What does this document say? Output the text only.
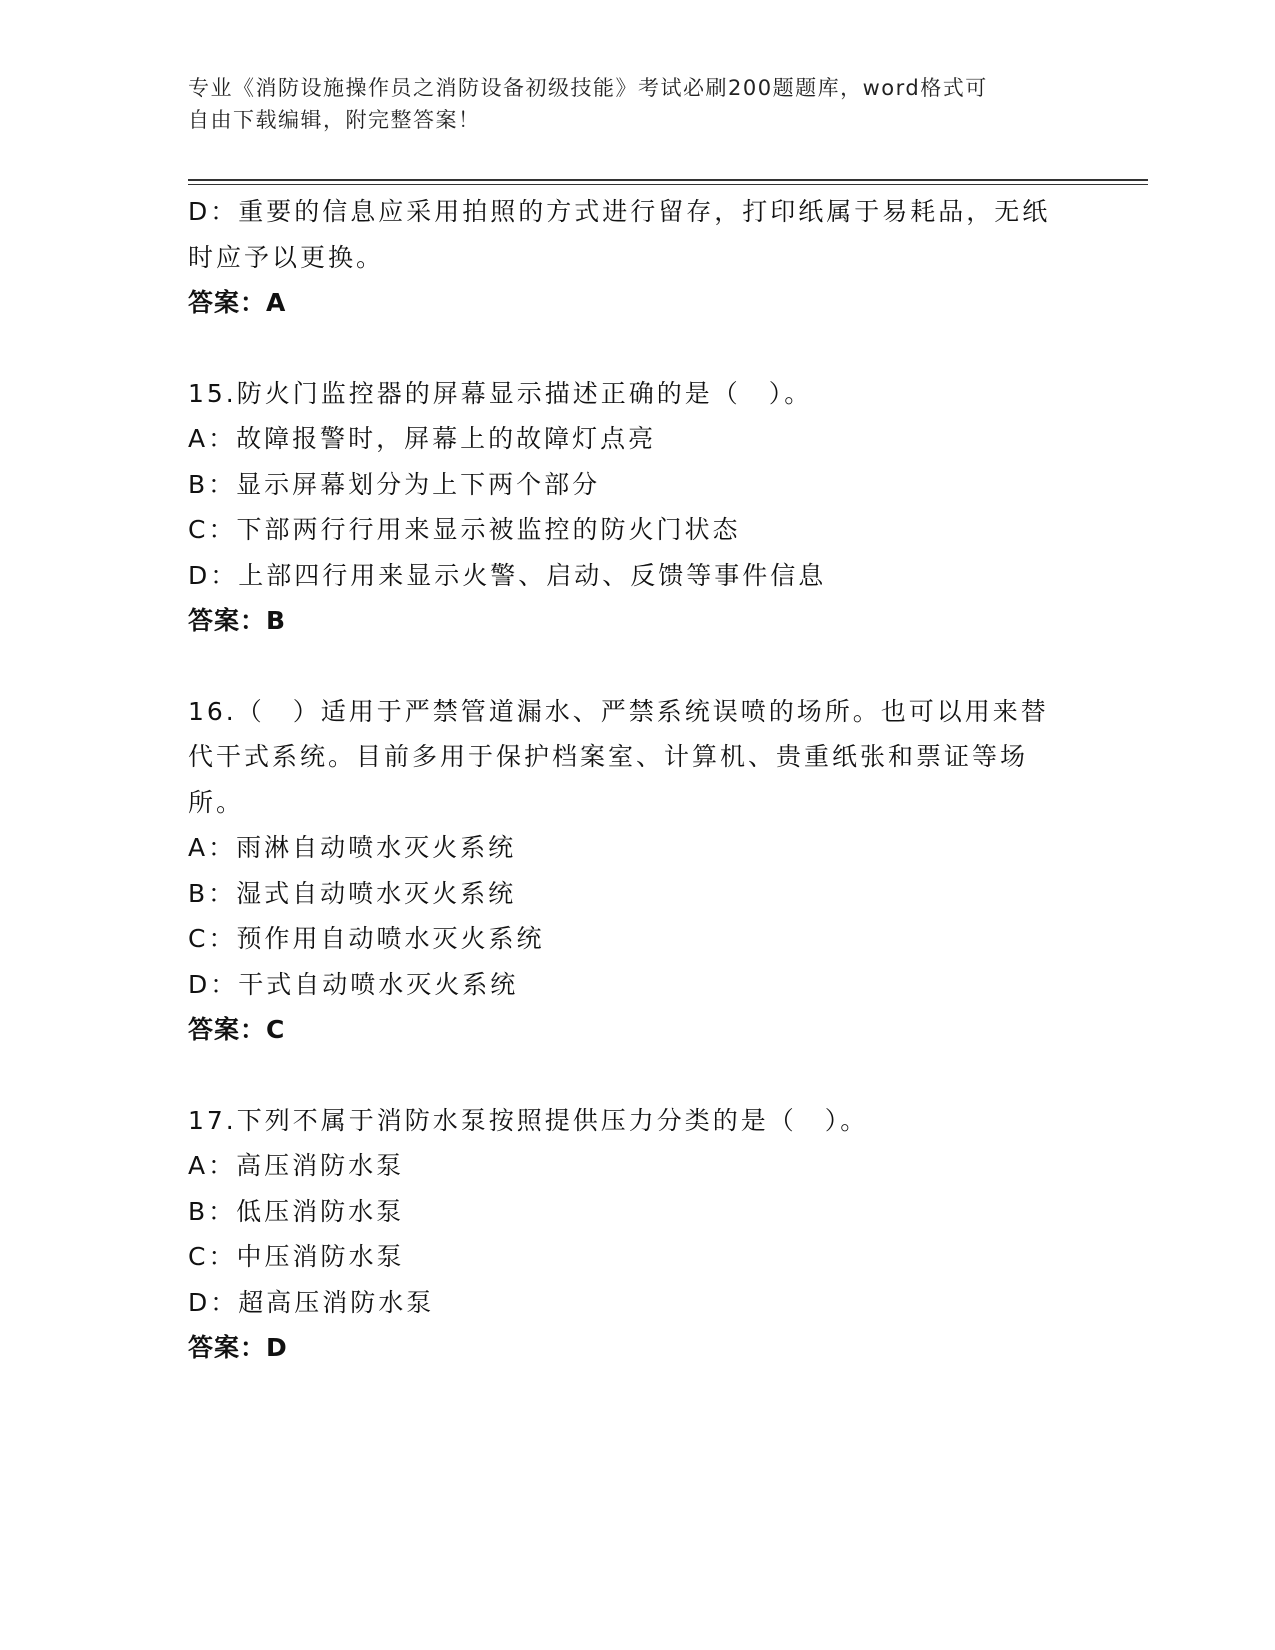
专业《消防设施操作员之消防设备初级技能》考试必刷200题题库，word格式可
自由下载编辑，附完整答案！
D：重要的信息应采用拍照的方式进行留存，打印纸属于易耗品，无纸
时应予以更换。
答案：A
15.防火门监控器的屏幕显示描述正确的是（　）。
A：故障报警时，屏幕上的故障灯点亮
B：显示屏幕划分为上下两个部分
C：下部两行行用来显示被监控的防火门状态
D：上部四行用来显示火警、启动、反馈等事件信息
答案：B
16.（　）适用于严禁管道漏水、严禁系统误喷的场所。也可以用来替
代干式系统。目前多用于保护档案室、计算机、贵重纸张和票证等场
所。
A：雨淋自动喷水灭火系统
B：湿式自动喷水灭火系统
C：预作用自动喷水灭火系统
D：干式自动喷水灭火系统
答案：C
17.下列不属于消防水泵按照提供压力分类的是（　）。
A：高压消防水泵
B：低压消防水泵
C：中压消防水泵
D：超高压消防水泵
答案：D
